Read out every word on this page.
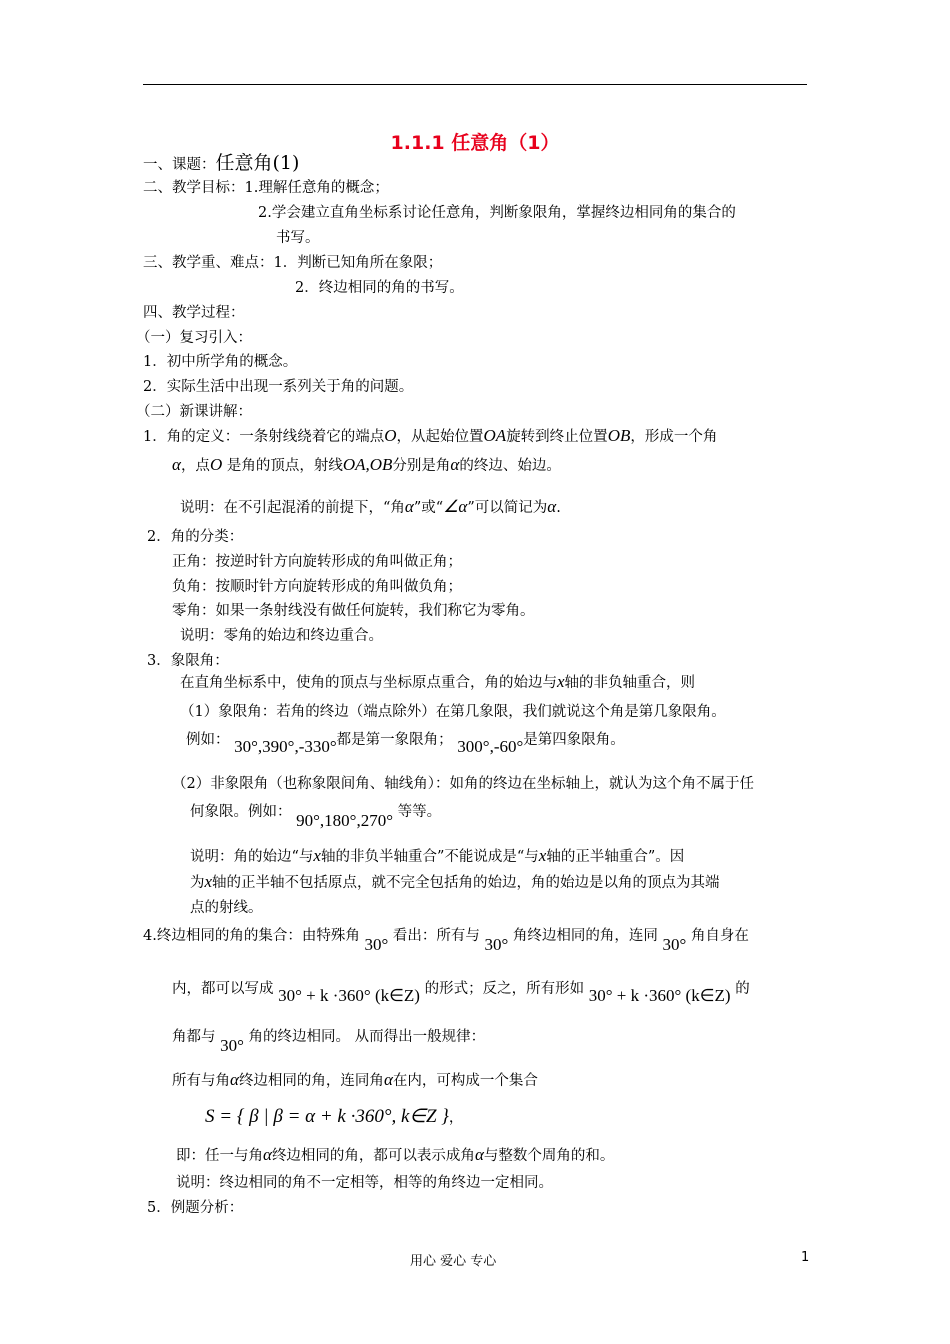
1.1.1 任意角（1）
一、课题：任意角(1)
二、教学目标：1.理解任意角的概念；
2.学会建立直角坐标系讨论任意角，判断象限角，掌握终边相同角的集合的
书写。
三、教学重、难点：1．判断已知角所在象限；
2．终边相同的角的书写。
四、教学过程：
（一）复习引入：
1．初中所学角的概念。
2．实际生活中出现一系列关于角的问题。
（二）新课讲解：
1．角的定义：一条射线绕着它的端点O，从起始位置OA旋转到终止位置OB，形成一个角
α，点O 是角的顶点，射线OA,OB分别是角α的终边、始边。
说明：在不引起混淆的前提下，“角α”或“∠α”可以简记为α.
2．角的分类：
正角：按逆时针方向旋转形成的角叫做正角；
负角：按顺时针方向旋转形成的角叫做负角；
零角：如果一条射线没有做任何旋转，我们称它为零角。
说明：零角的始边和终边重合。
3．象限角：
在直角坐标系中，使角的顶点与坐标原点重合，角的始边与x轴的非负轴重合，则
（1）象限角：若角的终边（端点除外）在第几象限，我们就说这个角是第几象限角。
例如： 30°,390°,-330°都是第一象限角； 300°,-60°是第四象限角。
（2）非象限角（也称象限间角、轴线角）：如角的终边在坐标轴上，就认为这个角不属于任
何象限。例如： 90°,180°,270° 等等。
说明：角的始边“与x轴的非负半轴重合”不能说成是“与x轴的正半轴重合”。因
为x轴的正半轴不包括原点，就不完全包括角的始边，角的始边是以角的顶点为其端
点的射线。
4.终边相同的角的集合：由特殊角 30° 看出：所有与 30° 角终边相同的角，连同 30° 角自身在
内，都可以写成 30° + k ·360° (k∈Z) 的形式；反之，所有形如 30° + k ·360° (k∈Z) 的
角都与 30° 角的终边相同。 从而得出一般规律：
所有与角α终边相同的角，连同角α在内，可构成一个集合
S = { β | β = α + k ·360°, k∈Z }，
即：任一与角α终边相同的角，都可以表示成角α与整数个周角的和。
说明：终边相同的角不一定相等，相等的角终边一定相同。
5．例题分析：
用心 爱心 专心	1
